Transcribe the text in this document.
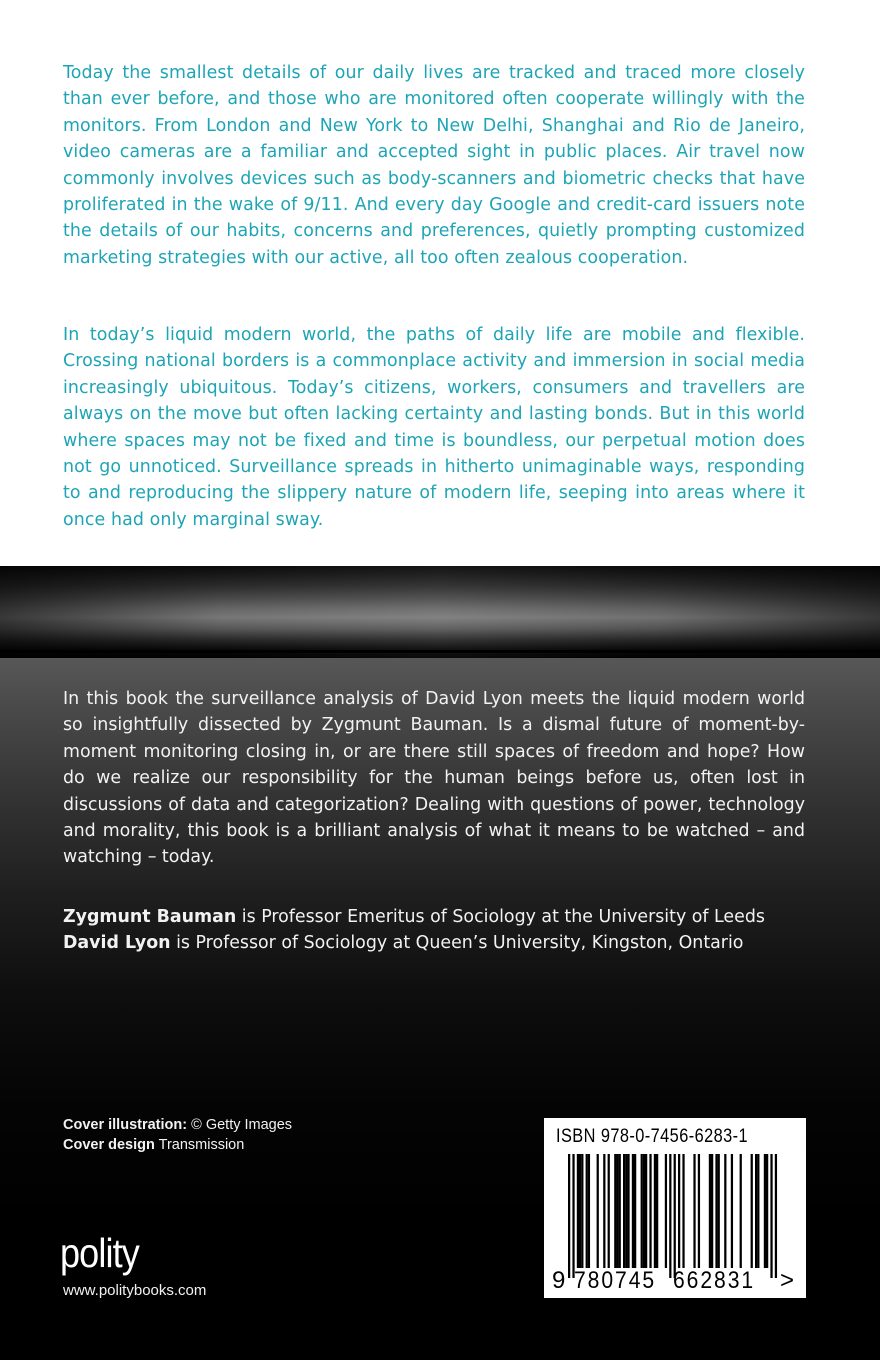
Today the smallest details of our daily lives are tracked and traced more closely than ever before, and those who are monitored often cooperate willingly with the monitors. From London and New York to New Delhi, Shanghai and Rio de Janeiro, video cameras are a familiar and accepted sight in public places. Air travel now commonly involves devices such as body-scanners and biometric checks that have proliferated in the wake of 9/11. And every day Google and credit-card issuers note the details of our habits, concerns and preferences, quietly prompting customized marketing strategies with our active, all too often zealous cooperation.

In today’s liquid modern world, the paths of daily life are mobile and flexible. Crossing national borders is a commonplace activity and immersion in social media increasingly ubiquitous. Today’s citizens, workers, consumers and travellers are always on the move but often lacking certainty and lasting bonds. But in this world where spaces may not be fixed and time is boundless, our perpetual motion does not go unnoticed. Surveillance spreads in hitherto unimaginable ways, responding to and reproducing the slippery nature of modern life, seeping into areas where it once had only marginal sway.

In this book the surveillance analysis of David Lyon meets the liquid modern world so insightfully dissected by Zygmunt Bauman. Is a dismal future of moment-by-moment monitoring closing in, or are there still spaces of freedom and hope? How do we realize our responsibility for the human beings before us, often lost in discussions of data and categorization? Dealing with questions of power, technology and morality, this book is a brilliant analysis of what it means to be watched – and watching – today.

Zygmunt Bauman is Professor Emeritus of Sociology at the University of Leeds

David Lyon is Professor of Sociology at Queen’s University, Kingston, Ontario

Cover illustration: © Getty Images
Cover design Transmission
polity
www.politybooks.com
ISBN 978-0-7456-6283-1
9 780745 662831 >
